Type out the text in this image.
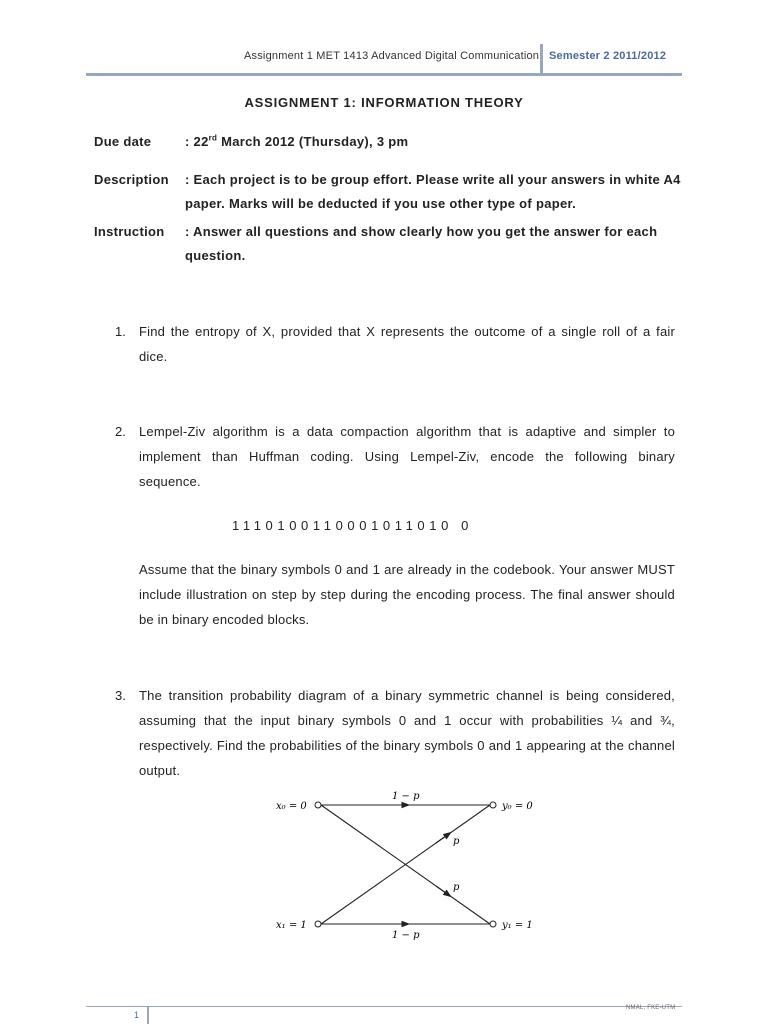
Assignment 1 MET 1413 Advanced Digital Communication Semester 2 2011/2012
ASSIGNMENT 1: INFORMATION THEORY
Due date	: 22rd March 2012 (Thursday), 3 pm
Description : Each project is to be group effort. Please write all your answers in white A4 paper. Marks will be deducted if you use other type of paper.
Instruction : Answer all questions and show clearly how you get the answer for each question.
1. Find the entropy of X, provided that X represents the outcome of a single roll of a fair dice.
2. Lempel-Ziv algorithm is a data compaction algorithm that is adaptive and simpler to implement than Huffman coding. Using Lempel-Ziv, encode the following binary sequence.
1110100110001011010 0
Assume that the binary symbols 0 and 1 are already in the codebook. Your answer MUST include illustration on step by step during the encoding process. The final answer should be in binary encoded blocks.
3. The transition probability diagram of a binary symmetric channel is being considered, assuming that the input binary symbols 0 and 1 occur with probabilities ¼ and ¾, respectively. Find the probabilities of the binary symbols 0 and 1 appearing at the channel output.
x₀ = 0
x₁ = 1
y₀ = 0
y₁ = 1
1 − p
1 − p
p
p
1
NMAL, FKE-UTM
